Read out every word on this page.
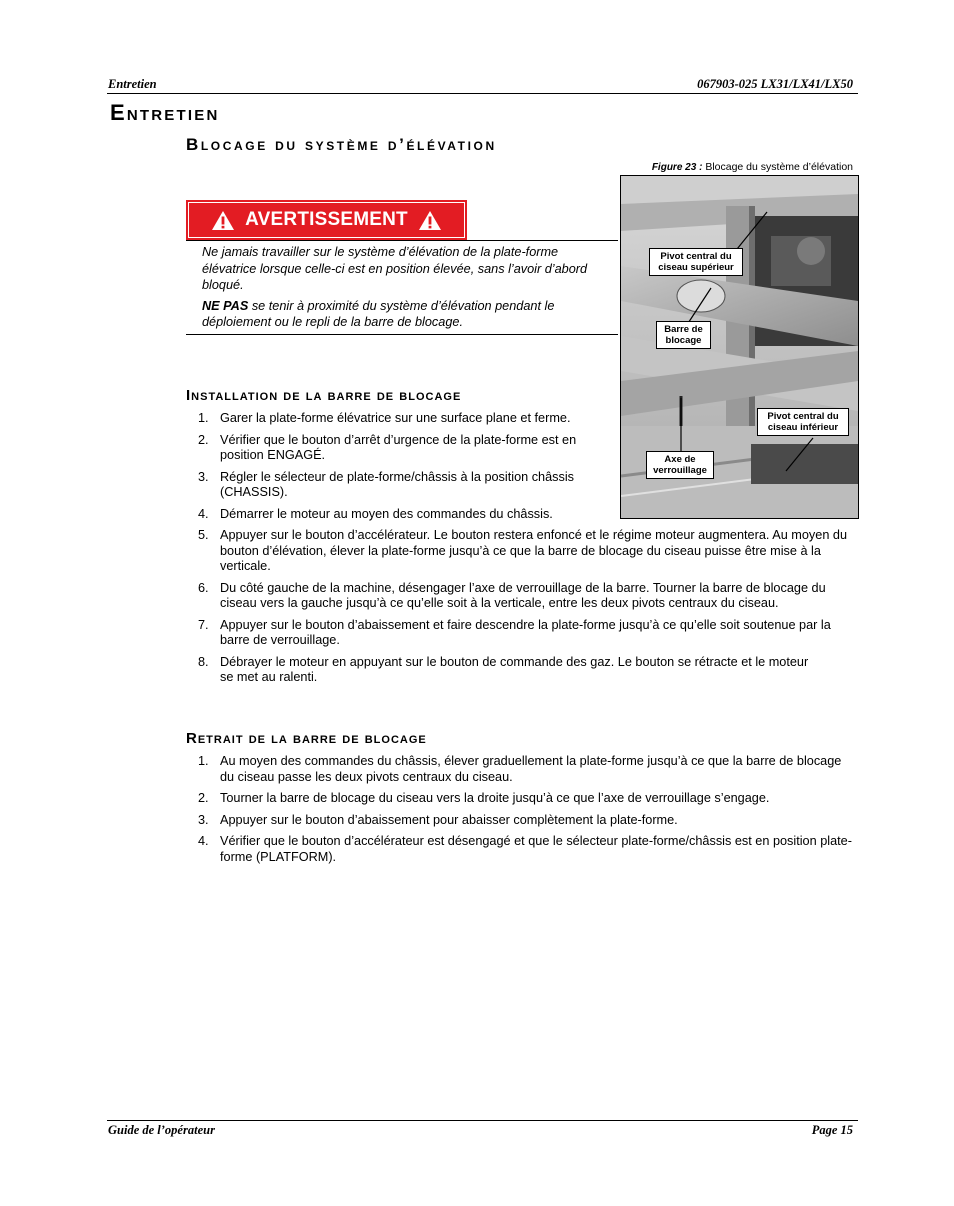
Entretien	067903-025 LX31/LX41/LX50
Entretien
Blocage du système d’élévation
AVERTISSEMENT

Ne jamais travailler sur le système d’élévation de la plate-forme élévatrice lorsque celle-ci est en position élevée, sans l’avoir d’abord bloqué.

NE PAS se tenir à proximité du système d’élévation pendant le déploiement ou le repli de la barre de blocage.

Figure 23 : Blocage du système d’élévation
Pivot central du ciseau supérieur
Barre de blocage
Pivot central du ciseau inférieur
Axe de verrouillage
Installation de la barre de blocage
1. Garer la plate-forme élévatrice sur une surface plane et ferme.
2. Vérifier que le bouton d’arrêt d’urgence de la plate-forme est en position ENGAGÉ.
3. Régler le sélecteur de plate-forme/châssis à la position châssis (CHASSIS).
4. Démarrer le moteur au moyen des commandes du châssis.
5. Appuyer sur le bouton d’accélérateur. Le bouton restera enfoncé et le régime moteur augmentera. Au moyen du bouton d’élévation, élever la plate-forme jusqu’à ce que la barre de blocage du ciseau puisse être mise à la verticale.
6. Du côté gauche de la machine, désengager l’axe de verrouillage de la barre. Tourner la barre de blocage du ciseau vers la gauche jusqu’à ce qu’elle soit à la verticale, entre les deux pivots centraux du ciseau.
7. Appuyer sur le bouton d’abaissement et faire descendre la plate-forme jusqu’à ce qu’elle soit soutenue par la barre de verrouillage.
8. Débrayer le moteur en appuyant sur le bouton de commande des gaz. Le bouton se rétracte et le moteur se met au ralenti.
Retrait de la barre de blocage
1. Au moyen des commandes du châssis, élever graduellement la plate-forme jusqu’à ce que la barre de blocage du ciseau passe les deux pivots centraux du ciseau.
2. Tourner la barre de blocage du ciseau vers la droite jusqu’à ce que l’axe de verrouillage s’engage.
3. Appuyer sur le bouton d’abaissement pour abaisser complètement la plate-forme.
4. Vérifier que le bouton d’accélérateur est désengagé et que le sélecteur plate-forme/châssis est en position plate-forme (PLATFORM).
Guide de l’opérateur	Page 15
